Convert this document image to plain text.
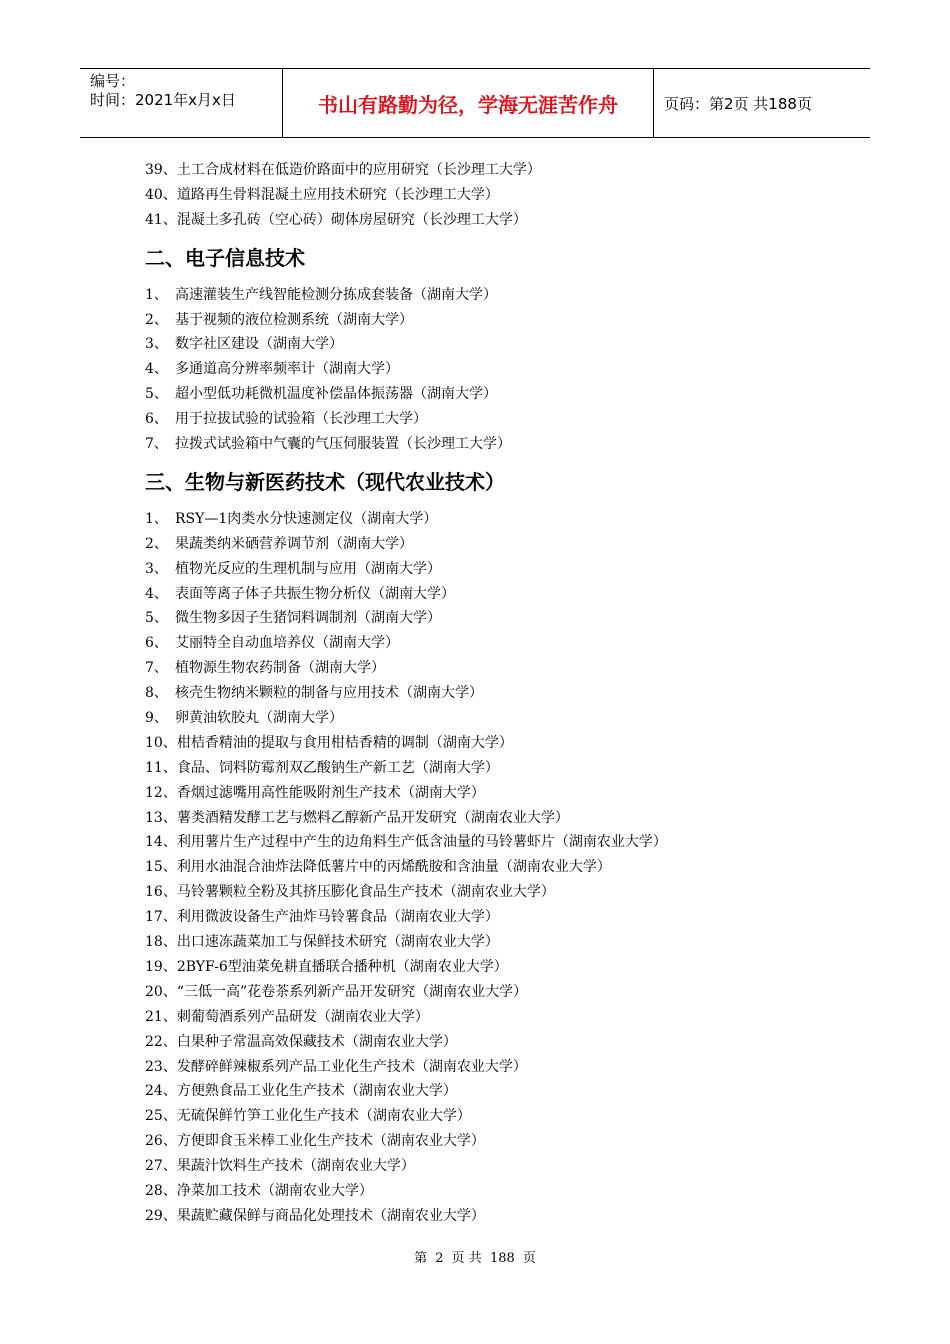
编号：
时间：2021年x月x日	书山有路勤为径，学海无涯苦作舟	页码：第2页 共188页
39、土工合成材料在低造价路面中的应用研究（长沙理工大学）
40、道路再生骨料混凝土应用技术研究（长沙理工大学）
41、混凝土多孔砖（空心砖）砌体房屋研究（长沙理工大学）
二、电子信息技术
1、 高速灌装生产线智能检测分拣成套装备（湖南大学）
2、 基于视频的液位检测系统（湖南大学）
3、 数字社区建设（湖南大学）
4、 多通道高分辨率频率计（湖南大学）
5、 超小型低功耗微机温度补偿晶体振荡器（湖南大学）
6、 用于拉拔试验的试验箱（长沙理工大学）
7、 拉拨式试验箱中气囊的气压伺服装置（长沙理工大学）
三、生物与新医药技术（现代农业技术）
1、 RSY—1肉类水分快速测定仪（湖南大学）
2、 果蔬类纳米硒营养调节剂（湖南大学）
3、 植物光反应的生理机制与应用（湖南大学）
4、 表面等离子体子共振生物分析仪（湖南大学）
5、 微生物多因子生猪饲料调制剂（湖南大学）
6、 艾丽特全自动血培养仪（湖南大学）
7、 植物源生物农药制备（湖南大学）
8、 核壳生物纳米颗粒的制备与应用技术（湖南大学）
9、 卵黄油软胶丸（湖南大学）
10、柑桔香精油的提取与食用柑桔香精的调制（湖南大学）
11、食品、饲料防霉剂双乙酸钠生产新工艺（湖南大学）
12、香烟过滤嘴用高性能吸附剂生产技术（湖南大学）
13、薯类酒精发酵工艺与燃料乙醇新产品开发研究（湖南农业大学）
14、利用薯片生产过程中产生的边角料生产低含油量的马铃薯虾片（湖南农业大学）
15、利用水油混合油炸法降低薯片中的丙烯酰胺和含油量（湖南农业大学）
16、马铃薯颗粒全粉及其挤压膨化食品生产技术（湖南农业大学）
17、利用微波设备生产油炸马铃薯食品（湖南农业大学）
18、出口速冻蔬菜加工与保鲜技术研究（湖南农业大学）
19、2BYF-6型油菜免耕直播联合播种机（湖南农业大学）
20、“三低一高”花卷茶系列新产品开发研究（湖南农业大学）
21、刺葡萄酒系列产品研发（湖南农业大学）
22、白果种子常温高效保藏技术（湖南农业大学）
23、发酵碎鲜辣椒系列产品工业化生产技术（湖南农业大学）
24、方便熟食品工业化生产技术（湖南农业大学）
25、无硫保鲜竹笋工业化生产技术（湖南农业大学）
26、方便即食玉米棒工业化生产技术（湖南农业大学）
27、果蔬汁饮料生产技术（湖南农业大学）
28、净菜加工技术（湖南农业大学）
29、果蔬贮藏保鲜与商品化处理技术（湖南农业大学）
第 2 页 共 188 页
